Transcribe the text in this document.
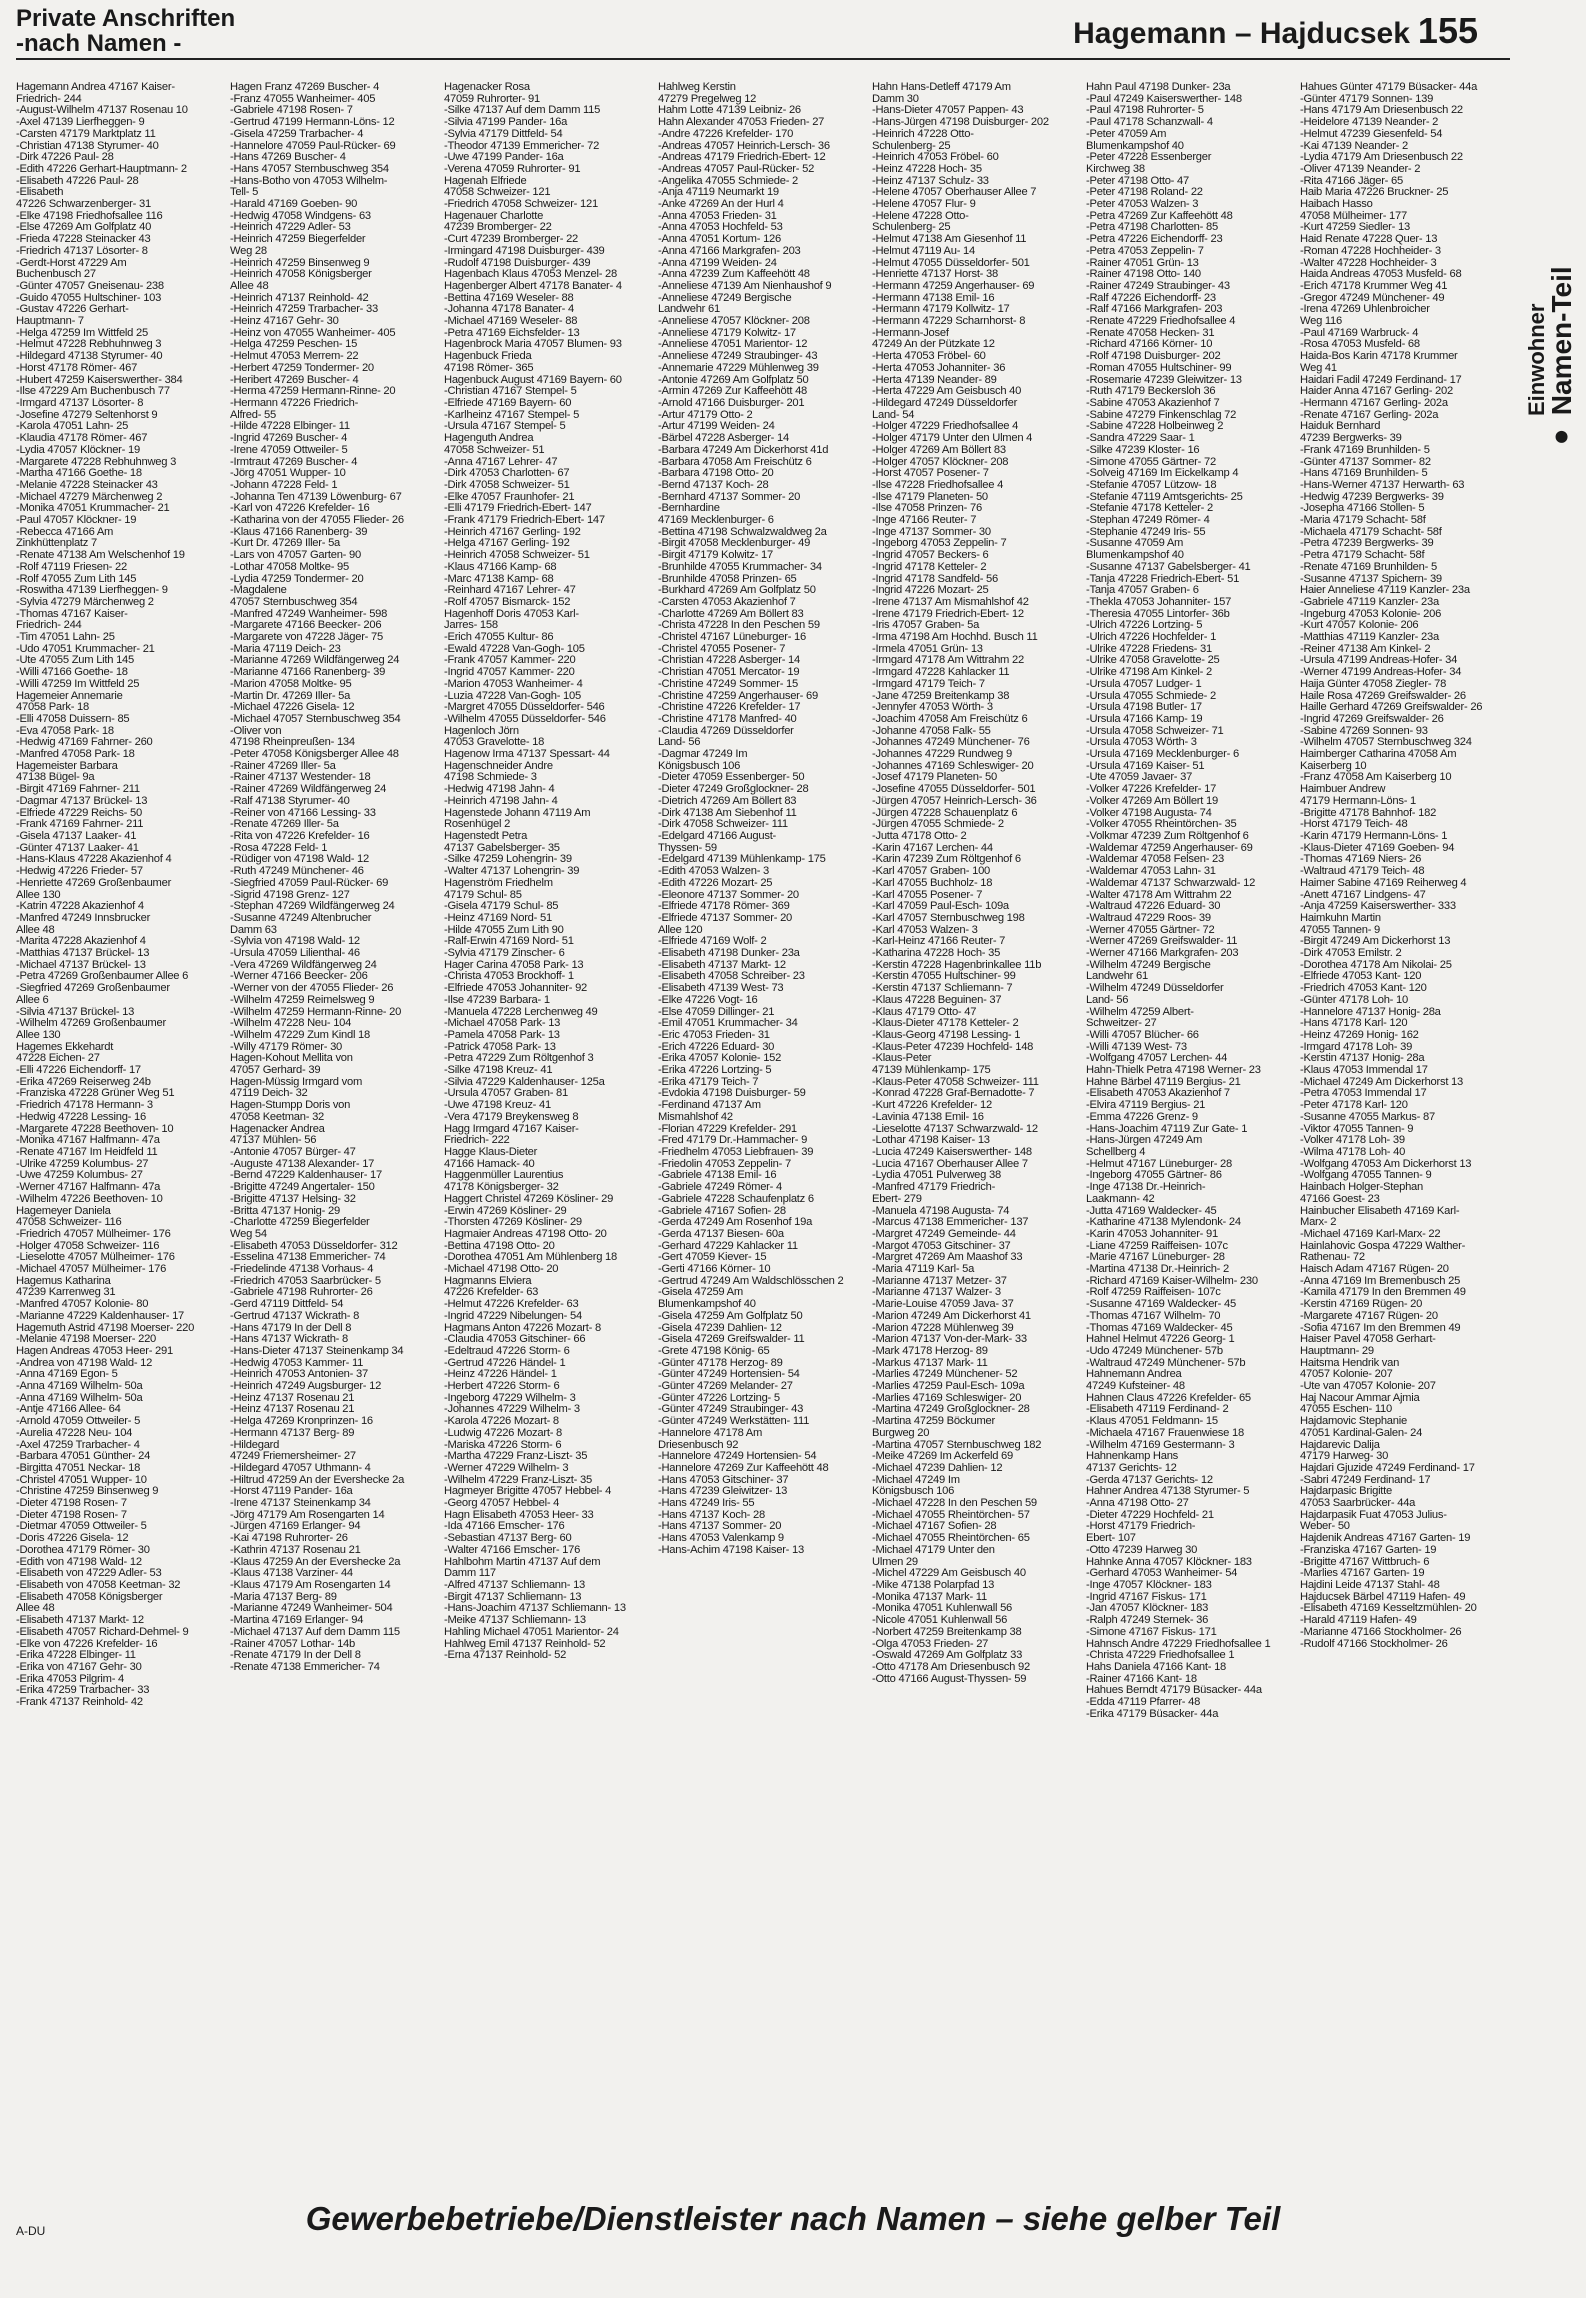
Private Anschriften
-nach Namen -	Hagemann – Hajducsek 155
● Namen-Teil
Einwohner
Hagemann Andrea 47167 Kaiser-
Friedrich- 244
-August-Wilhelm 47137 Rosenau 10
-Axel 47139 Lierfheggen- 9
-Carsten 47179 Marktplatz 11
-Christian 47138 Styrumer- 40
-Dirk 47226 Paul- 28
-Edith 47226 Gerhart-Hauptmann- 2
-Elisabeth 47226 Paul- 28
-Elisabeth
47226 Schwarzenberger- 31
-Elke 47198 Friedhofsallee 116
-Else 47269 Am Golfplatz 40
-Frieda 47228 Steinacker 43
-Friedrich 47137 Lösorter- 8
-Gerdt-Horst 47229 Am
Buchenbusch 27
-Günter 47057 Gneisenau- 238
-Guido 47055 Hultschiner- 103
-Gustav 47226 Gerhart-
Hauptmann- 7
-Helga 47259 Im Wittfeld 25
-Helmut 47228 Rebhuhnweg 3
-Hildegard 47138 Styrumer- 40
-Horst 47178 Römer- 467
-Hubert 47259 Kaiserswerther- 384
-Ilse 47229 Am Buchenbusch 77
-Irmgard 47137 Lösorter- 8
-Josefine 47279 Seltenhorst 9
-Karola 47051 Lahn- 25
-Klaudia 47178 Römer- 467
-Lydia 47057 Klöckner- 19
-Margarete 47228 Rebhuhnweg 3
-Martha 47166 Goethe- 18
-Melanie 47228 Steinacker 43
-Michael 47279 Märchenweg 2
-Monika 47051 Krummacher- 21
-Paul 47057 Klöckner- 19
-Rebecca 47166 Am
Zinkhüttenplatz 7
-Renate 47138 Am Welschenhof 19
-Rolf 47119 Friesen- 22
-Rolf 47055 Zum Lith 145
-Roswitha 47139 Lierfheggen- 9
-Sylvia 47279 Märchenweg 2
-Thomas 47167 Kaiser-
Friedrich- 244
-Tim 47051 Lahn- 25
-Udo 47051 Krummacher- 21
-Ute 47055 Zum Lith 145
-Willi 47166 Goethe- 18
-Willi 47259 Im Wittfeld 25
Hagemeier Annemarie
47058 Park- 18
-Elli 47058 Duissern- 85
-Eva 47058 Park- 18
-Hedwig 47169 Fahrner- 260
-Manfred 47058 Park- 18
Hagemeister Barbara
47138 Bügel- 9a
-Birgit 47169 Fahrner- 211
-Dagmar 47137 Brückel- 13
-Elfriede 47229 Reichs- 50
-Frank 47169 Fahrner- 211
-Gisela 47137 Laaker- 41
-Günter 47137 Laaker- 41
-Hans-Klaus 47228 Akazienhof 4
-Hedwig 47226 Frieder- 57
-Henriette 47269 Großenbaumer
Allee 130
-Katrin 47228 Akazienhof 4
-Manfred 47249 Innsbrucker
Allee 48
-Marita 47228 Akazienhof 4
-Matthias 47137 Brückel- 13
-Michael 47137 Brückel- 13
-Petra 47269 Großenbaumer Allee 6
-Siegfried 47269 Großenbaumer
Allee 6
-Silvia 47137 Brückel- 13
-Wilhelm 47269 Großenbaumer
Allee 130
Hagemes Ekkehardt
47228 Eichen- 27
-Elli 47226 Eichendorff- 17
-Erika 47269 Reiserweg 24b
-Franziska 47228 Grüner Weg 51
-Friedrich 47178 Hermann- 3
-Hedwig 47228 Lessing- 16
-Margarete 47228 Beethoven- 10
-Monika 47167 Halfmann- 47a
-Renate 47167 Im Heidfeld 11
-Ulrike 47259 Kolumbus- 27
-Uwe 47259 Kolumbus- 27
-Werner 47167 Halfmann- 47a
-Wilhelm 47226 Beethoven- 10
Hagemeyer Daniela
47058 Schweizer- 116
-Friedrich 47057 Mülheimer- 176
-Holger 47058 Schweizer- 116
-Lieselotte 47057 Mülheimer- 176
-Michael 47057 Mülheimer- 176
Hagemus Katharina
47239 Karrenweg 31
-Manfred 47057 Kolonie- 80
-Marianne 47229 Kaldenhauser- 17
Hagemuth Astrid 47198 Moerser- 220
-Melanie 47198 Moerser- 220
Hagen Andreas 47053 Heer- 291
-Andrea von 47198 Wald- 12
-Anna 47169 Egon- 5
-Anna 47169 Wilhelm- 50a
-Anna 47169 Wilhelm- 50a
-Antje 47166 Allee- 64
-Arnold 47059 Ottweiler- 5
-Aurelia 47228 Neu- 104
-Axel 47259 Trarbacher- 4
-Barbara 47051 Günther- 24
-Birgitta 47051 Neckar- 18
-Christel 47051 Wupper- 10
-Christine 47259 Binsenweg 9
-Dieter 47198 Rosen- 7
-Dieter 47198 Rosen- 7
-Dietmar 47059 Ottweiler- 5
-Doris 47226 Gisela- 12
-Dorothea 47179 Römer- 30
-Edith von 47198 Wald- 12
-Elisabeth von 47229 Adler- 53
-Elisabeth von 47058 Keetman- 32
-Elisabeth 47058 Königsberger
Allee 48
-Elisabeth 47137 Markt- 12
-Elisabeth 47057 Richard-Dehmel- 9
-Elke von 47226 Krefelder- 16
-Erika 47228 Elbinger- 11
-Erika von 47167 Gehr- 30
-Erika 47053 Pilgrim- 4
-Erika 47259 Trarbacher- 33
-Frank 47137 Reinhold- 42
Hagen Franz 47269 Buscher- 4
-Franz 47055 Wanheimer- 405
-Gabriele 47198 Rosen- 7
-Gertrud 47199 Hermann-Löns- 12
-Gisela 47259 Trarbacher- 4
-Hannelore 47059 Paul-Rücker- 69
-Hans 47269 Buscher- 4
-Hans 47057 Sternbuschweg 354
-Hans-Botho von 47053 Wilhelm-
Tell- 5
-Harald 47169 Goeben- 90
-Hedwig 47058 Windgens- 63
-Heinrich 47229 Adler- 53
-Heinrich 47259 Biegerfelder
Weg 28
-Heinrich 47259 Binsenweg 9
-Heinrich 47058 Königsberger
Allee 48
-Heinrich 47137 Reinhold- 42
-Heinrich 47259 Trarbacher- 33
-Heinz 47167 Gehr- 30
-Heinz von 47055 Wanheimer- 405
-Helga 47259 Peschen- 15
-Helmut 47053 Merrem- 22
-Herbert 47259 Tondermer- 20
-Heribert 47269 Buscher- 4
-Herma 47259 Hermann-Rinne- 20
-Hermann 47226 Friedrich-
Alfred- 55
-Hilde 47228 Elbinger- 11
-Ingrid 47269 Buscher- 4
-Irene 47059 Ottweiler- 5
-Irmtraut 47269 Buscher- 4
-Jörg 47051 Wupper- 10
-Johann 47228 Feld- 1
-Johanna Ten 47139 Löwenburg- 67
-Karl von 47226 Krefelder- 16
-Katharina von der 47055 Flieder- 26
-Klaus 47166 Ranenberg- 39
-Kurt Dr. 47269 Iller- 5a
-Lars von 47057 Garten- 90
-Lothar 47058 Moltke- 95
-Lydia 47259 Tondermer- 20
-Magdalene
47057 Sternbuschweg 354
-Manfred 47249 Wanheimer- 598
-Margarete 47166 Beecker- 206
-Margarete von 47228 Jäger- 75
-Maria 47119 Deich- 23
-Marianne 47269 Wildfängerweg 24
-Marianne 47166 Ranenberg- 39
-Marion 47058 Moltke- 95
-Martin Dr. 47269 Iller- 5a
-Michael 47226 Gisela- 12
-Michael 47057 Sternbuschweg 354
-Oliver von
47198 Rheinpreußen- 134
-Peter 47058 Königsberger Allee 48
-Rainer 47269 Iller- 5a
-Rainer 47137 Westender- 18
-Rainer 47269 Wildfängerweg 24
-Ralf 47138 Styrumer- 40
-Reiner von 47166 Lessing- 33
-Renate 47269 Iller- 5a
-Rita von 47226 Krefelder- 16
-Rosa 47228 Feld- 1
-Rüdiger von 47198 Wald- 12
-Ruth 47249 Münchener- 46
-Siegfried 47059 Paul-Rücker- 69
-Sigrid 47198 Grenz- 127
-Stephan 47269 Wildfängerweg 24
-Susanne 47249 Altenbrucher
Damm 63
-Sylvia von 47198 Wald- 12
-Ursula 47059 Lilienthal- 46
-Vera 47269 Wildfängerweg 24
-Werner 47166 Beecker- 206
-Werner von der 47055 Flieder- 26
-Wilhelm 47259 Reimelsweg 9
-Wilhelm 47259 Hermann-Rinne- 20
-Wilhelm 47228 Neu- 104
-Wilhelm 47229 Zum Kindl 18
-Willy 47179 Römer- 30
Hagen-Kohout Mellita von
47057 Gerhard- 39
Hagen-Müssig Irmgard vom
47119 Deich- 32
Hagen-Stumpp Doris von
47058 Keetman- 32
Hagenacker Andrea
47137 Mühlen- 56
-Antonie 47057 Bürger- 47
-Auguste 47138 Alexander- 17
-Bernd 47229 Kaldenhauser- 17
-Brigitte 47249 Angertaler- 150
-Brigitte 47137 Helsing- 32
-Britta 47137 Honig- 29
-Charlotte 47259 Biegerfelder
Weg 54
-Elisabeth 47053 Düsseldorfer- 312
-Esselina 47138 Emmericher- 74
-Friedelinde 47138 Vorhaus- 4
-Friedrich 47053 Saarbrücker- 5
-Gabriele 47198 Ruhrorter- 26
-Gerd 47119 Dittfeld- 54
-Gertrud 47137 Wickrath- 8
-Hans 47179 In der Dell 8
-Hans 47137 Wickrath- 8
-Hans-Dieter 47137 Steinenkamp 34
-Hedwig 47053 Kammer- 11
-Heinrich 47053 Antonien- 37
-Heinrich 47249 Augsburger- 12
-Heinz 47137 Rosenau 21
-Heinz 47137 Rosenau 21
-Helga 47269 Kronprinzen- 16
-Hermann 47137 Berg- 89
-Hildegard
47249 Friemersheimer- 27
-Hildegard 47057 Uthmann- 4
-Hiltrud 47259 An der Evershecke 2a
-Horst 47119 Pander- 16a
-Irene 47137 Steinenkamp 34
-Jörg 47179 Am Rosengarten 14
-Jürgen 47169 Erlanger- 94
-Kai 47198 Ruhrorter- 26
-Kathrin 47137 Rosenau 21
-Klaus 47259 An der Evershecke 2a
-Klaus 47138 Varziner- 44
-Klaus 47179 Am Rosengarten 14
-Maria 47137 Berg- 89
-Marianne 47249 Wanheimer- 504
-Martina 47169 Erlanger- 94
-Michael 47137 Auf dem Damm 115
-Rainer 47057 Lothar- 14b
-Renate 47179 In der Dell 8
-Renate 47138 Emmericher- 74
Hagenacker Rosa
47059 Ruhrorter- 91
-Silke 47137 Auf dem Damm 115
-Silvia 47199 Pander- 16a
-Sylvia 47179 Dittfeld- 54
-Theodor 47139 Emmericher- 72
-Uwe 47199 Pander- 16a
-Verena 47059 Ruhrorter- 91
Hagenah Elfriede
47058 Schweizer- 121
-Friedrich 47058 Schweizer- 121
Hagenauer Charlotte
47239 Bromberger- 22
-Curt 47239 Bromberger- 22
-Irmingard 47198 Duisburger- 439
-Rudolf 47198 Duisburger- 439
Hagenbach Klaus 47053 Menzel- 28
Hagenberger Albert 47178 Banater- 4
-Bettina 47169 Weseler- 88
-Johanna 47178 Banater- 4
-Michael 47169 Weseler- 88
-Petra 47169 Eichsfelder- 13
Hagenbrock Maria 47057 Blumen- 93
Hagenbuck Frieda
47198 Römer- 365
Hagenbuck August 47169 Bayern- 60
-Christian 47167 Stempel- 5
-Elfriede 47169 Bayern- 60
-Karlheinz 47167 Stempel- 5
-Ursula 47167 Stempel- 5
Hagenguth Andrea
47058 Schweizer- 51
-Anna 47167 Lehrer- 47
-Dirk 47053 Charlotten- 67
-Dirk 47058 Schweizer- 51
-Elke 47057 Fraunhofer- 21
-Elli 47179 Friedrich-Ebert- 147
-Frank 47179 Friedrich-Ebert- 147
-Heinrich 47167 Gerling- 192
-Helga 47167 Gerling- 192
-Heinrich 47058 Schweizer- 51
-Klaus 47166 Kamp- 68
-Marc 47138 Kamp- 68
-Reinhard 47167 Lehrer- 47
-Rolf 47057 Bismarck- 152
Hagenhoff Doris 47053 Karl-
Jarres- 158
-Erich 47055 Kultur- 86
-Ewald 47228 Van-Gogh- 105
-Frank 47057 Kammer- 220
-Ingrid 47057 Kammer- 220
-Marion 47053 Wanheimer- 4
-Luzia 47228 Van-Gogh- 105
-Margret 47055 Düsseldorfer- 546
-Wilhelm 47055 Düsseldorfer- 546
Hagenloch Jörn
47053 Gravelotte- 18
Hagenow Irma 47137 Spessart- 44
Hagenschneider Andre
47198 Schmiede- 3
-Hedwig 47198 Jahn- 4
-Heinrich 47198 Jahn- 4
Hagenstede Johann 47119 Am
Rosenhügel 2
Hagenstedt Petra
47137 Gabelsberger- 35
-Silke 47259 Lohengrin- 39
-Walter 47137 Lohengrin- 39
Hagenström Friedhelm
47179 Schul- 85
-Gisela 47179 Schul- 85
-Heinz 47169 Nord- 51
-Hilde 47055 Zum Lith 90
-Ralf-Erwin 47169 Nord- 51
-Sylvia 47179 Zinscher- 6
Hager Carina 47058 Park- 13
-Christa 47053 Brockhoff- 1
-Elfriede 47053 Johanniter- 92
-Ilse 47239 Barbara- 1
-Manuela 47228 Lerchenweg 49
-Michael 47058 Park- 13
-Pamela 47058 Park- 13
-Patrick 47058 Park- 13
-Petra 47229 Zum Röltgenhof 3
-Silke 47198 Kreuz- 41
-Silvia 47229 Kaldenhauser- 125a
-Ursula 47057 Graben- 81
-Uwe 47198 Kreuz- 41
-Vera 47179 Breykensweg 8
Hagg Irmgard 47167 Kaiser-
Friedrich- 222
Hagge Klaus-Dieter
47166 Hamack- 40
Haggenmüller Laurentius
47178 Königsberger- 32
Haggert Christel 47269 Kösliner- 29
-Erwin 47269 Kösliner- 29
-Thorsten 47269 Kösliner- 29
Hagmaier Andreas 47198 Otto- 20
-Bettina 47198 Otto- 20
-Dorothea 47051 Am Mühlenberg 18
-Michael 47198 Otto- 20
Hagmanns Elviera
47226 Krefelder- 63
-Helmut 47226 Krefelder- 63
-Ingrid 47229 Nibelungen- 54
Hagmans Anton 47226 Mozart- 8
-Claudia 47053 Gitschiner- 66
-Edeltraud 47226 Storm- 6
-Gertrud 47226 Händel- 1
-Heinz 47226 Händel- 1
-Herbert 47226 Storm- 6
-Ingeborg 47229 Wilhelm- 3
-Johannes 47229 Wilhelm- 3
-Karola 47226 Mozart- 8
-Ludwig 47226 Mozart- 8
-Mariska 47226 Storm- 6
-Martha 47229 Franz-Liszt- 35
-Werner 47229 Wilhelm- 3
-Wilhelm 47229 Franz-Liszt- 35
Hagmeyer Brigitte 47057 Hebbel- 4
-Georg 47057 Hebbel- 4
Hagn Elisabeth 47053 Heer- 33
-Ida 47166 Emscher- 176
-Sebastian 47137 Berg- 60
-Walter 47166 Emscher- 176
Hahlbohm Martin 47137 Auf dem
Damm 117
-Alfred 47137 Schliemann- 13
-Birgit 47137 Schliemann- 13
-Hans-Joachim 47137 Schliemann- 13
-Meike 47137 Schliemann- 13
Hahling Michael 47051 Marientor- 24
Hahlweg Emil 47137 Reinhold- 52
-Erna 47137 Reinhold- 52
Hahlweg Kerstin
47279 Pregelweg 12
Hahm Lotte 47139 Leibniz- 26
Hahn Alexander 47053 Frieden- 27
-Andre 47226 Krefelder- 170
-Andreas 47057 Heinrich-Lersch- 36
-Andreas 47179 Friedrich-Ebert- 12
-Andreas 47057 Paul-Rücker- 52
-Angelika 47055 Schmiede- 2
-Anja 47119 Neumarkt 19
-Anke 47269 An der Hurl 4
-Anna 47053 Frieden- 31
-Anna 47053 Hochfeld- 53
-Anna 47051 Kortum- 126
-Anna 47166 Markgrafen- 203
-Anna 47199 Weiden- 24
-Anna 47239 Zum Kaffeehött 48
-Anneliese 47139 Am Nienhaushof 9
-Anneliese 47249 Bergische
Landwehr 61
-Anneliese 47057 Klöckner- 208
-Anneliese 47179 Kolwitz- 17
-Anneliese 47051 Marientor- 12
-Anneliese 47249 Straubinger- 43
-Annemarie 47229 Mühlenweg 39
-Antonie 47269 Am Golfplatz 50
-Armin 47269 Zur Kaffeehött 48
-Arnold 47166 Duisburger- 201
-Artur 47179 Otto- 2
-Artur 47199 Weiden- 24
-Bärbel 47228 Asberger- 14
-Barbara 47249 Am Dickerhorst 41d
-Barbara 47058 Am Freischütz 6
-Barbara 47198 Otto- 20
-Bernd 47137 Koch- 28
-Bernhard 47137 Sommer- 20
-Bernhardine
47169 Mecklenburger- 6
-Bettina 47198 Schwalzwaldweg 2a
-Birgit 47058 Mecklenburger- 49
-Birgit 47179 Kolwitz- 17
-Brunhilde 47055 Krummacher- 34
-Brunhilde 47058 Prinzen- 65
-Burkhard 47269 Am Golfplatz 50
-Carsten 47053 Akazienhof 7
-Charlotte 47269 Am Böllert 83
-Christa 47228 In den Peschen 59
-Christel 47167 Lüneburger- 16
-Christel 47055 Posener- 7
-Christian 47228 Asberger- 14
-Christian 47051 Mercator- 19
-Christine 47249 Sommer- 15
-Christine 47259 Angerhauser- 69
-Christine 47226 Krefelder- 17
-Christine 47178 Manfred- 40
-Claudia 47269 Düsseldorfer
Land- 56
-Dagmar 47249 Im
Königsbusch 106
-Dieter 47059 Essenberger- 50
-Dieter 47249 Großglockner- 28
-Dietrich 47269 Am Böllert 83
-Dirk 47138 Am Siebenhof 11
-Dirk 47058 Schweizer- 111
-Edelgard 47166 August-
Thyssen- 59
-Edelgard 47139 Mühlenkamp- 175
-Edith 47053 Walzen- 3
-Edith 47226 Mozart- 25
-Eleonore 47137 Sommer- 20
-Elfriede 47178 Römer- 369
-Elfriede 47137 Sommer- 20
Allee 120
-Elfriede 47169 Wolf- 2
-Elisabeth 47198 Dunker- 23a
-Elisabeth 47137 Markt- 12
-Elisabeth 47058 Schreiber- 23
-Elisabeth 47139 West- 73
-Elke 47226 Vogt- 16
-Else 47059 Dillinger- 21
-Emil 47051 Krummacher- 34
-Eric 47053 Frieden- 31
-Erich 47226 Eduard- 30
-Erika 47057 Kolonie- 152
-Erika 47226 Lortzing- 5
-Erika 47179 Teich- 7
-Evdokia 47198 Duisburger- 59
-Ferdinand 47137 Am
Mismahlshof 42
-Florian 47229 Krefelder- 291
-Fred 47179 Dr.-Hammacher- 9
-Friedhelm 47053 Liebfrauen- 39
-Friedolin 47053 Zeppelin- 7
-Gabriele 47138 Emil- 16
-Gabriele 47249 Römer- 4
-Gabriele 47228 Schaufenplatz 6
-Gabriele 47167 Sofien- 28
-Gerda 47249 Am Rosenhof 19a
-Gerda 47137 Biesen- 60a
-Gerhard 47229 Kahlacker 11
-Gert 47059 Kiever- 15
-Gerti 47166 Körner- 10
-Gertrud 47249 Am Waldschlösschen 2
-Gisela 47259 Am
Blumenkampshof 40
-Gisela 47259 Am Golfplatz 50
-Gisela 47239 Dahlien- 12
-Gisela 47269 Greifswalder- 11
-Grete 47198 König- 65
-Günter 47178 Herzog- 89
-Günter 47249 Hortensien- 54
-Günter 47269 Melander- 27
-Günter 47226 Lortzing- 5
-Günter 47249 Straubinger- 43
-Günter 47249 Werkstätten- 111
-Hannelore 47178 Am
Driesenbusch 92
-Hannelore 47249 Hortensien- 54
-Hannelore 47269 Zur Kaffeehött 48
-Hans 47053 Gitschiner- 37
-Hans 47239 Gleiwitzer- 13
-Hans 47249 Iris- 55
-Hans 47137 Koch- 28
-Hans 47137 Sommer- 20
-Hans 47053 Valenkamp 9
-Hans-Achim 47198 Kaiser- 13
Hahn Hans-Detleff 47179 Am
Damm 30
-Hans-Dieter 47057 Pappen- 43
-Hans-Jürgen 47198 Duisburger- 202
-Heinrich 47228 Otto-
Schulenberg- 25
-Heinrich 47053 Fröbel- 60
-Heinz 47228 Hoch- 35
-Heinz 47137 Schulz- 33
-Helene 47057 Oberhauser Allee 7
-Helene 47057 Flur- 9
-Helene 47228 Otto-
Schulenberg- 25
-Helmut 47138 Am Giesenhof 11
-Helmut 47119 Au- 14
-Helmut 47055 Düsseldorfer- 501
-Henriette 47137 Horst- 38
-Hermann 47259 Angerhauser- 69
-Hermann 47138 Emil- 16
-Hermann 47179 Kollwitz- 17
-Hermann 47229 Scharnhorst- 8
-Hermann-Josef
47249 An der Pützkate 12
-Herta 47053 Fröbel- 60
-Herta 47053 Johanniter- 36
-Herta 47139 Neander- 89
-Herta 47229 Am Geisbusch 40
-Hildegard 47249 Düsseldorfer
Land- 54
-Holger 47229 Friedhofsallee 4
-Holger 47179 Unter den Ulmen 4
-Holger 47269 Am Böllert 83
-Holger 47057 Klöckner- 208
-Horst 47057 Posener- 7
-Ilse 47228 Friedhofsallee 4
-Ilse 47179 Planeten- 50
-Ilse 47058 Prinzen- 76
-Inge 47166 Reuter- 7
-Inge 47137 Sommer- 30
-Ingeborg 47053 Zeppelin- 7
-Ingrid 47057 Beckers- 6
-Ingrid 47178 Ketteler- 2
-Ingrid 47178 Sandfeld- 56
-Ingrid 47226 Mozart- 25
-Irene 47137 Am Mismahlshof 42
-Irene 47179 Friedrich-Ebert- 12
-Iris 47057 Graben- 5a
-Irma 47198 Am Hochhd. Busch 11
-Irmela 47051 Grün- 13
-Irmgard 47178 Am Wittrahm 22
-Irmgard 47228 Kahlacker 11
-Irmgard 47179 Teich- 7
-Jane 47259 Breitenkamp 38
-Jennyfer 47053 Wörth- 3
-Joachim 47058 Am Freischütz 6
-Johanne 47058 Falk- 55
-Johannes 47249 Münchener- 76
-Johannes 47229 Rundweg 9
-Johannes 47169 Schleswiger- 20
-Josef 47179 Planeten- 50
-Josefine 47055 Düsseldorfer- 501
-Jürgen 47057 Heinrich-Lersch- 36
-Jürgen 47228 Schauenplatz 6
-Jürgen 47055 Schmiede- 2
-Jutta 47178 Otto- 2
-Karin 47167 Lerchen- 44
-Karin 47239 Zum Röltgenhof 6
-Karl 47057 Graben- 100
-Karl 47055 Buchholz- 18
-Karl 47055 Posener- 7
-Karl 47059 Paul-Esch- 109a
-Karl 47057 Sternbuschweg 198
-Karl 47053 Walzen- 3
-Karl-Heinz 47166 Reuter- 7
-Katharina 47228 Hoch- 35
-Kerstin 47228 Hagenbrinkallee 11b
-Kerstin 47055 Hultschiner- 99
-Kerstin 47137 Schliemann- 7
-Klaus 47228 Beguinen- 37
-Klaus 47179 Otto- 47
-Klaus-Dieter 47178 Ketteler- 2
-Klaus-Georg 47198 Lessing- 1
-Klaus-Peter 47239 Hochfeld- 148
-Klaus-Peter
47139 Mühlenkamp- 175
-Klaus-Peter 47058 Schweizer- 111
-Konrad 47228 Graf-Bernadotte- 7
-Kurt 47226 Krefelder- 12
-Lavinia 47138 Emil- 16
-Lieselotte 47137 Schwarzwald- 12
-Lothar 47198 Kaiser- 13
-Lucia 47249 Kaiserswerther- 148
-Lucia 47167 Oberhauser Allee 7
-Lydia 47051 Pulverweg 38
-Manfred 47179 Friedrich-
Ebert- 279
-Manuela 47198 Augusta- 74
-Marcus 47138 Emmericher- 137
-Margret 47249 Gemeinde- 44
-Margot 47053 Gitschiner- 37
-Margret 47269 Am Maashof 33
-Maria 47119 Karl- 5a
-Marianne 47137 Metzer- 37
-Marianne 47137 Walzer- 3
-Marie-Louise 47059 Java- 37
-Marion 47249 Am Dickerhorst 41
-Marion 47228 Mühlenweg 39
-Marion 47137 Von-der-Mark- 33
-Mark 47178 Herzog- 89
-Markus 47137 Mark- 11
-Marlies 47249 Münchener- 52
-Marlies 47259 Paul-Esch- 109a
-Marlies 47169 Schleswiger- 20
-Martina 47249 Großglockner- 28
-Martina 47259 Böckumer
Burgweg 20
-Martina 47057 Sternbuschweg 182
-Meike 47269 Im Ackerfeld 69
-Michael 47239 Dahlien- 12
-Michael 47249 Im
Königsbusch 106
-Michael 47228 In den Peschen 59
-Michael 47055 Rheintörchen- 57
-Michael 47167 Sofien- 28
-Michael 47055 Rheintörchen- 65
-Michael 47179 Unter den
Ulmen 29
-Michel 47229 Am Geisbusch 40
-Mike 47138 Polarpfad 13
-Monika 47137 Mark- 11
-Monika 47051 Kuhlenwall 56
-Nicole 47051 Kuhlenwall 56
-Norbert 47259 Breitenkamp 38
-Olga 47053 Frieden- 27
-Oswald 47269 Am Golfplatz 33
-Otto 47178 Am Driesenbusch 92
-Otto 47166 August-Thyssen- 59
Hahn Paul 47198 Dunker- 23a
-Paul 47249 Kaiserswerther- 148
-Paul 47198 Ruhrorter- 5
-Paul 47178 Schanzwall- 4
-Peter 47059 Am
Blumenkampshof 40
-Peter 47228 Essenberger
Kirchweg 38
-Peter 47198 Otto- 47
-Peter 47198 Roland- 22
-Peter 47053 Walzen- 3
-Petra 47269 Zur Kaffeehött 48
-Petra 47198 Charlotten- 85
-Petra 47226 Eichendorff- 23
-Petra 47053 Zeppelin- 7
-Rainer 47051 Grün- 13
-Rainer 47198 Otto- 140
-Rainer 47249 Straubinger- 43
-Ralf 47226 Eichendorff- 23
-Ralf 47166 Markgrafen- 203
-Renate 47229 Friedhofsallee 4
-Renate 47058 Hecken- 31
-Richard 47166 Körner- 10
-Rolf 47198 Duisburger- 202
-Roman 47055 Hultschiner- 99
-Rosemarie 47239 Gleiwitzer- 13
-Ruth 47179 Beckersloh 36
-Sabine 47053 Akazienhof 7
-Sabine 47279 Finkenschlag 72
-Sabine 47228 Holbeinweg 2
-Sandra 47229 Saar- 1
-Silke 47239 Kloster- 16
-Simone 47055 Gärtner- 72
-Solveig 47169 Im Eickelkamp 4
-Stefanie 47057 Lützow- 18
-Stefanie 47119 Amtsgerichts- 25
-Stefanie 47178 Ketteler- 2
-Stephan 47249 Römer- 4
-Stephanie 47249 Iris- 55
-Susanne 47059 Am
Blumenkampshof 40
-Susanne 47137 Gabelsberger- 41
-Tanja 47228 Friedrich-Ebert- 51
-Tanja 47057 Graben- 6
-Thekla 47053 Johanniter- 157
-Theresia 47055 Lintorfer- 36b
-Ulrich 47226 Lortzing- 5
-Ulrich 47226 Hochfelder- 1
-Ulrike 47228 Friedens- 31
-Ulrike 47058 Gravelotte- 25
-Ulrike 47198 Am Kinkel- 2
-Ursula 47057 Ludger- 1
-Ursula 47055 Schmiede- 2
-Ursula 47198 Butler- 17
-Ursula 47166 Kamp- 19
-Ursula 47058 Schweizer- 71
-Ursula 47053 Wörth- 3
-Ursula 47169 Mecklenburger- 6
-Ursula 47169 Kaiser- 51
-Ute 47059 Javaer- 37
-Volker 47226 Krefelder- 17
-Volker 47269 Am Böllert 19
-Volker 47198 Augusta- 74
-Volker 47055 Rheintörchen- 35
-Volkmar 47239 Zum Röltgenhof 6
-Waldemar 47259 Angerhauser- 69
-Waldemar 47058 Felsen- 23
-Waldemar 47053 Lahn- 31
-Waldemar 47137 Schwarzwald- 12
-Walter 47178 Am Wittrahm 22
-Waltraud 47226 Eduard- 30
-Waltraud 47229 Roos- 39
-Werner 47055 Gärtner- 72
-Werner 47269 Greifswalder- 11
-Werner 47166 Markgrafen- 203
-Wilhelm 47249 Bergische
Landwehr 61
-Wilhelm 47249 Düsseldorfer
Land- 56
-Wilhelm 47259 Albert-
Schweitzer- 27
-Willi 47057 Blücher- 66
-Willi 47139 West- 73
-Wolfgang 47057 Lerchen- 44
Hahn-Thielk Petra 47198 Werner- 23
Hahne Bärbel 47119 Bergius- 21
-Elisabeth 47053 Akazienhof 7
-Elvira 47119 Bergius- 21
-Emma 47226 Grenz- 9
-Hans-Joachim 47119 Zur Gate- 1
-Hans-Jürgen 47249 Am
Schellberg 4
-Helmut 47167 Lüneburger- 28
-Ingeborg 47055 Gärtner- 86
-Inge 47138 Dr.-Heinrich-
Laakmann- 42
-Jutta 47169 Waldecker- 45
-Katharine 47138 Mylendonk- 24
-Karin 47053 Johanniter- 91
-Liane 47259 Raiffeisen- 107c
-Marie 47167 Lüneburger- 28
-Martina 47138 Dr.-Heinrich- 2
-Richard 47169 Kaiser-Wilhelm- 230
-Rolf 47259 Raiffeisen- 107c
-Susanne 47169 Waldecker- 45
-Thomas 47167 Wilhelm- 70
-Thomas 47169 Waldecker- 45
Hahnel Helmut 47226 Georg- 1
-Udo 47249 Münchener- 57b
-Waltraud 47249 Münchener- 57b
Hahnemann Andrea
47249 Kufsteiner- 48
Hahnen Claus 47226 Krefelder- 65
-Elisabeth 47119 Ferdinand- 2
-Klaus 47051 Feldmann- 15
-Michaela 47167 Frauenwiese 18
-Wilhelm 47169 Gestermann- 3
Hahnenkamp Hans
47137 Gerichts- 12
-Gerda 47137 Gerichts- 12
Hahner Andrea 47138 Styrumer- 5
-Anna 47198 Otto- 27
-Dieter 47229 Hochfeld- 21
-Horst 47179 Friedrich-
Ebert- 107
-Otto 47239 Harweg 30
Hahnke Anna 47057 Klöckner- 183
-Gerhard 47053 Wanheimer- 54
-Inge 47057 Klöckner- 183
-Ingrid 47167 Fiskus- 171
-Jan 47057 Klöckner- 183
-Ralph 47249 Sternek- 36
-Simone 47167 Fiskus- 171
Hahnsch Andre 47229 Friedhofsallee 1
-Christa 47229 Friedhofsallee 1
Hahs Daniela 47166 Kant- 18
-Rainer 47166 Kant- 18
Hahues Berndt 47179 Büsacker- 44a
-Edda 47119 Pfarrer- 48
-Erika 47179 Büsacker- 44a
Hahues Günter 47179 Büsacker- 44a
-Günter 47179 Sonnen- 139
-Hans 47179 Am Driesenbusch 22
-Heidelore 47139 Neander- 2
-Helmut 47239 Giesenfeld- 54
-Kai 47139 Neander- 2
-Lydia 47179 Am Driesenbusch 22
-Oliver 47139 Neander- 2
-Rita 47166 Jäger- 65
Haib Maria 47226 Bruckner- 25
Haibach Hasso
47058 Mülheimer- 177
-Kurt 47259 Siedler- 13
Haid Renate 47228 Quer- 13
-Roman 47228 Hochheider- 3
-Walter 47228 Hochheider- 3
Haida Andreas 47053 Musfeld- 68
-Erich 47178 Krummer Weg 41
-Gregor 47249 Münchener- 49
-Irena 47269 Uhlenbroicher
Weg 116
-Paul 47169 Warbruck- 4
-Rosa 47053 Musfeld- 68
Haida-Bos Karin 47178 Krummer
Weg 41
Haidari Fadil 47249 Ferdinand- 17
Haider Anna 47167 Gerling- 202
-Hermann 47167 Gerling- 202a
-Renate 47167 Gerling- 202a
Haiduk Bernhard
47239 Bergwerks- 39
-Frank 47169 Brunhilden- 5
-Günter 47137 Sommer- 82
-Hans 47169 Brunhilden- 5
-Hans-Werner 47137 Herwarth- 63
-Hedwig 47239 Bergwerks- 39
-Josepha 47166 Stollen- 5
-Maria 47179 Schacht- 58f
-Michaela 47179 Schacht- 58f
-Petra 47239 Bergwerks- 39
-Petra 47179 Schacht- 58f
-Renate 47169 Brunhilden- 5
-Susanne 47137 Spichern- 39
Haier Anneliese 47119 Kanzler- 23a
-Gabriele 47119 Kanzler- 23a
-Ingeburg 47053 Kolonie- 206
-Kurt 47057 Kolonie- 206
-Matthias 47119 Kanzler- 23a
-Reiner 47138 Am Kinkel- 2
-Ursula 47199 Andreas-Hofer- 34
-Werner 47199 Andreas-Hofer- 34
Haija Günter 47058 Ziegler- 78
Haile Rosa 47269 Greifswalder- 26
Haille Gerhard 47269 Greifswalder- 26
-Ingrid 47269 Greifswalder- 26
-Sabine 47269 Sonnen- 93
-Wilhelm 47057 Sternbuschweg 324
Haimberger Catharina 47058 Am
Kaiserberg 10
-Franz 47058 Am Kaiserberg 10
Haimbuer Andrew
47179 Hermann-Löns- 1
-Brigitte 47178 Bahnhof- 182
-Horst 47179 Teich- 48
-Karin 47179 Hermann-Löns- 1
-Klaus-Dieter 47169 Goeben- 94
-Thomas 47169 Niers- 26
-Waltraud 47179 Teich- 48
Haimer Sabine 47169 Reiherweg 4
-Anett 47167 Lindgens- 47
-Anja 47259 Kaiserswerther- 333
Haimkuhn Martin
47055 Tannen- 9
-Birgit 47249 Am Dickerhorst 13
-Dirk 47053 Emilstr. 2
-Dorothea 47178 Am Nikolai- 25
-Elfriede 47053 Kant- 120
-Friedrich 47053 Kant- 120
-Günter 47178 Loh- 10
-Hannelore 47137 Honig- 28a
-Hans 47178 Karl- 120
-Heinz 47269 Honig- 162
-Irmgard 47178 Loh- 39
-Kerstin 47137 Honig- 28a
-Klaus 47053 Immendal 17
-Michael 47249 Am Dickerhorst 13
-Petra 47053 Immendal 17
-Peter 47178 Karl- 120
-Susanne 47055 Markus- 87
-Viktor 47055 Tannen- 9
-Volker 47178 Loh- 39
-Wilma 47178 Loh- 40
-Wolfgang 47053 Am Dickerhorst 13
-Wolfgang 47055 Tannen- 9
Hainbach Holger-Stephan
47166 Goest- 23
Hainbucher Elisabeth 47169 Karl-
Marx- 2
-Michael 47169 Karl-Marx- 22
Hainlahovic Gospa 47229 Walther-
Rathenau- 72
Haisch Adam 47167 Rügen- 20
-Anna 47169 Im Bremenbusch 25
-Kamila 47179 In den Bremmen 49
-Kerstin 47169 Rügen- 20
-Margarete 47167 Rügen- 20
-Sofia 47167 Im den Bremmen 49
Haiser Pavel 47058 Gerhart-
Hauptmann- 29
Haitsma Hendrik van
47057 Kolonie- 207
-Ute van 47057 Kolonie- 207
Haj Nacour Ammar Ajmia
47055 Eschen- 110
Hajdamovic Stephanie
47051 Kardinal-Galen- 24
Hajdarevic Dalija
47179 Harweg- 30
Hajdari Gjuzide 47249 Ferdinand- 17
-Sabri 47249 Ferdinand- 17
Hajdarpasic Brigitte
47053 Saarbrücker- 44a
Hajdarpasik Fuat 47053 Julius-
Weber- 50
Hajdenik Andreas 47167 Garten- 19
-Franziska 47167 Garten- 19
-Brigitte 47167 Wittbruch- 6
-Marlies 47167 Garten- 19
Hajdini Leide 47137 Stahl- 48
Hajducsek Bärbel 47119 Hafen- 49
-Elisabeth 47169 Kesseltzmühlen- 20
-Harald 47119 Hafen- 49
-Marianne 47166 Stockholmer- 26
-Rudolf 47166 Stockholmer- 26
Gewerbebetriebe/Dienstleister nach Namen – siehe gelber Teil
A-DU
